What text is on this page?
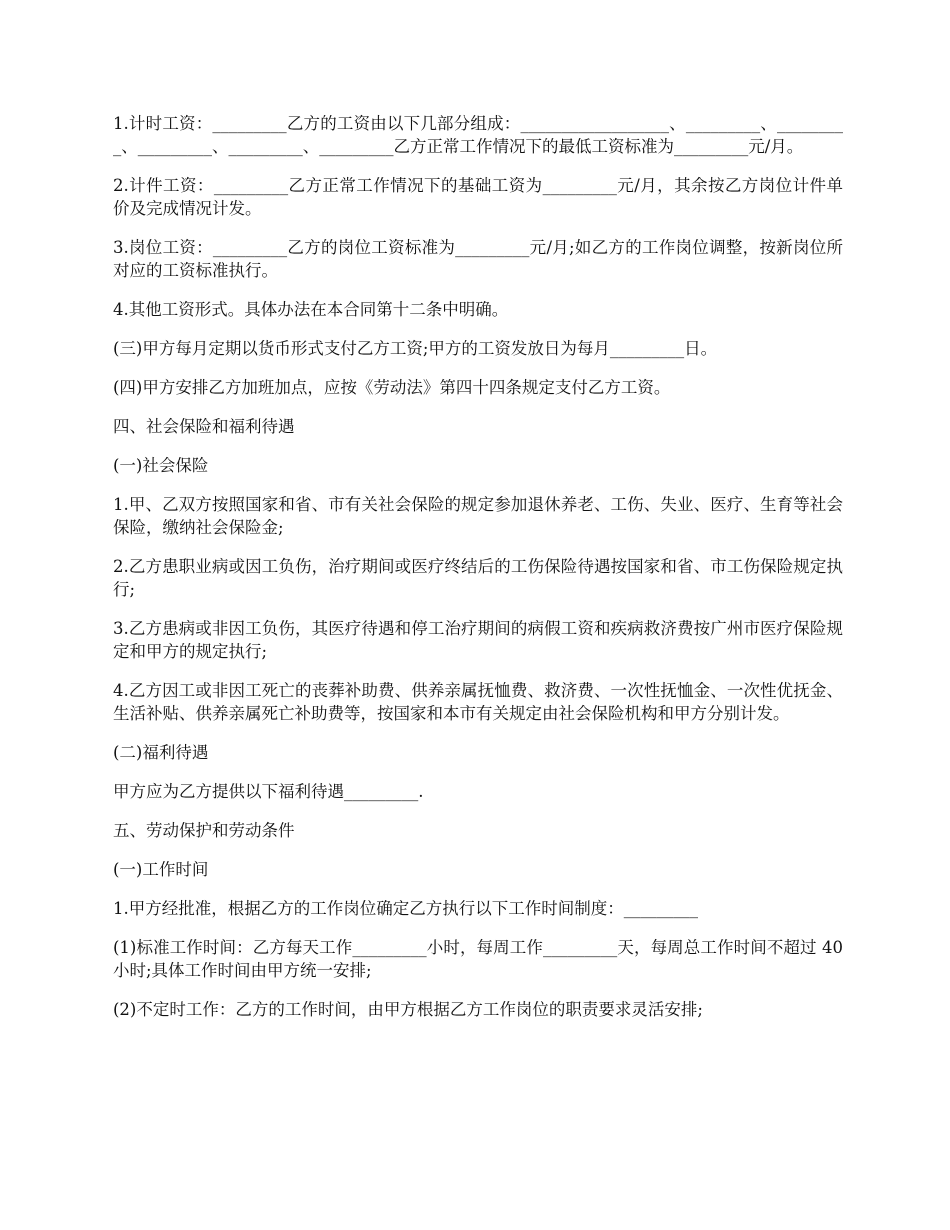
1.计时工资：_________乙方的工资由以下几部分组成：__________________、_________、_________、_________、_________、_________乙方正常工作情况下的最低工资标准为_________元/月。

2.计件工资：_________乙方正常工作情况下的基础工资为_________元/月，其余按乙方岗位计件单价及完成情况计发。

3.岗位工资：_________乙方的岗位工资标准为_________元/月;如乙方的工作岗位调整，按新岗位所对应的工资标准执行。

4.其他工资形式。具体办法在本合同第十二条中明确。

(三)甲方每月定期以货币形式支付乙方工资;甲方的工资发放日为每月_________日。

(四)甲方安排乙方加班加点，应按《劳动法》第四十四条规定支付乙方工资。

四、社会保险和福利待遇

(一)社会保险

1.甲、乙双方按照国家和省、市有关社会保险的规定参加退休养老、工伤、失业、医疗、生育等社会保险，缴纳社会保险金;

2.乙方患职业病或因工负伤，治疗期间或医疗终结后的工伤保险待遇按国家和省、市工伤保险规定执行;

3.乙方患病或非因工负伤，其医疗待遇和停工治疗期间的病假工资和疾病救济费按广州市医疗保险规定和甲方的规定执行;

4.乙方因工或非因工死亡的丧葬补助费、供养亲属抚恤费、救济费、一次性抚恤金、一次性优抚金、生活补贴、供养亲属死亡补助费等，按国家和本市有关规定由社会保险机构和甲方分别计发。

(二)福利待遇

甲方应为乙方提供以下福利待遇_________.

五、劳动保护和劳动条件

(一)工作时间

1.甲方经批准，根据乙方的工作岗位确定乙方执行以下工作时间制度：_________

(1)标准工作时间：乙方每天工作_________小时，每周工作_________天，每周总工作时间不超过 40 小时;具体工作时间由甲方统一安排;

(2)不定时工作：乙方的工作时间，由甲方根据乙方工作岗位的职责要求灵活安排;
